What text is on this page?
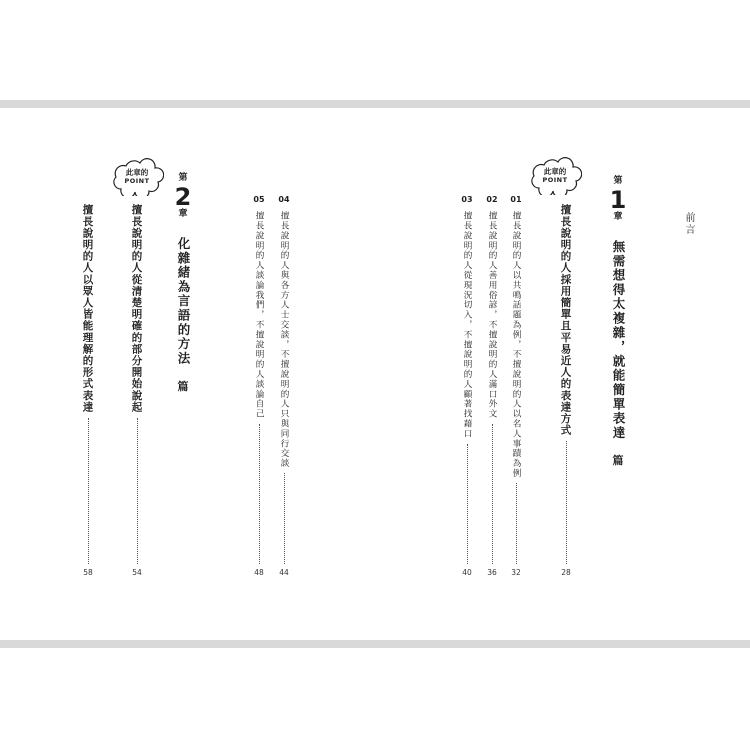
前言
第
1
章
無需想得太複雜，就能簡單表達
篇
此章的
POINT
擅長說明的人採用簡單且平易近人的表達方式
28
01
擅長說明的人以共鳴話題為例，不擅說明的人以名人事蹟為例
32
02
擅長說明的人善用俗諺，不擅說明的人滿口外文
36
03
擅長說明的人從現況切入，不擅說明的人顧著找藉口
40
04
擅長說明的人與各方人士交談，不擅說明的人只與同行交談
44
05
擅長說明的人談論我們，不擅說明的人談論自己
48
第
2
章
化雜緒為言語的方法
篇
此章的
POINT
擅長說明的人從清楚明確的部分開始說起
54
擅長說明的人以眾人皆能理解的形式表達
58
